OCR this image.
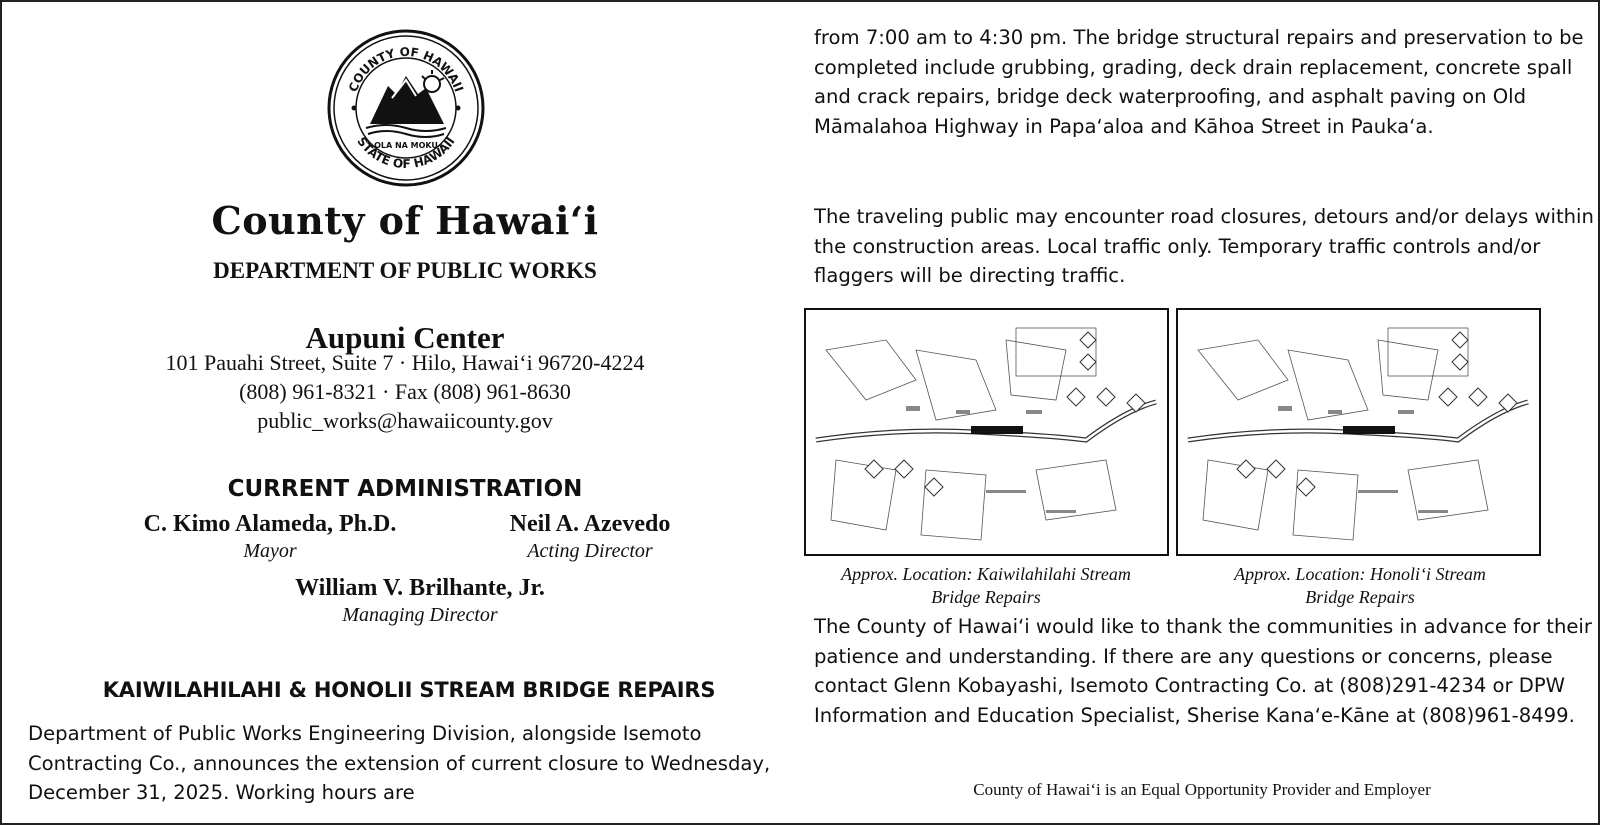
COUNTY OF HAWAII
STATE OF HAWAII
OLA NA MOKU
County of Hawaiʻi
DEPARTMENT OF PUBLIC WORKS
Aupuni Center
101 Pauahi Street, Suite 7 · Hilo, Hawai‘i 96720-4224
(808) 961-8321 · Fax (808) 961-8630
public_works@hawaiicounty.gov
CURRENT ADMINISTRATION
C. Kimo Alameda, Ph.D.
Mayor
Neil A. Azevedo
Acting Director
William V. Brilhante, Jr.
Managing Director
KAIWILAHILAHI & HONOLII STREAM BRIDGE REPAIRS
Department of Public Works Engineering Division, alongside Isemoto Contracting Co., announces the extension of current closure to Wednesday, December 31, 2025. Working hours are
from 7:00 am to 4:30 pm. The bridge structural repairs and preservation to be completed include grubbing, grading, deck drain replacement, concrete spall and crack repairs, bridge deck waterproofing, and asphalt paving on Old Māmalahoa Highway in Papaʻaloa and Kāhoa Street in Paukaʻa.
The traveling public may encounter road closures, detours and/or delays within the construction areas. Local traffic only. Temporary traffic controls and/or flaggers will be directing traffic.
Approx. Location: Kaiwilahilahi Stream
Bridge Repairs
Approx. Location: Honoli‘i Stream
Bridge Repairs
The County of Hawaiʻi would like to thank the communities in advance for their patience and understanding. If there are any questions or concerns, please contact Glenn Kobayashi, Isemoto Contracting Co. at (808)291-4234 or DPW Information and Education Specialist, Sherise Kanaʻe-Kāne at (808)961-8499.
County of Hawai‘i is an Equal Opportunity Provider and Employer
